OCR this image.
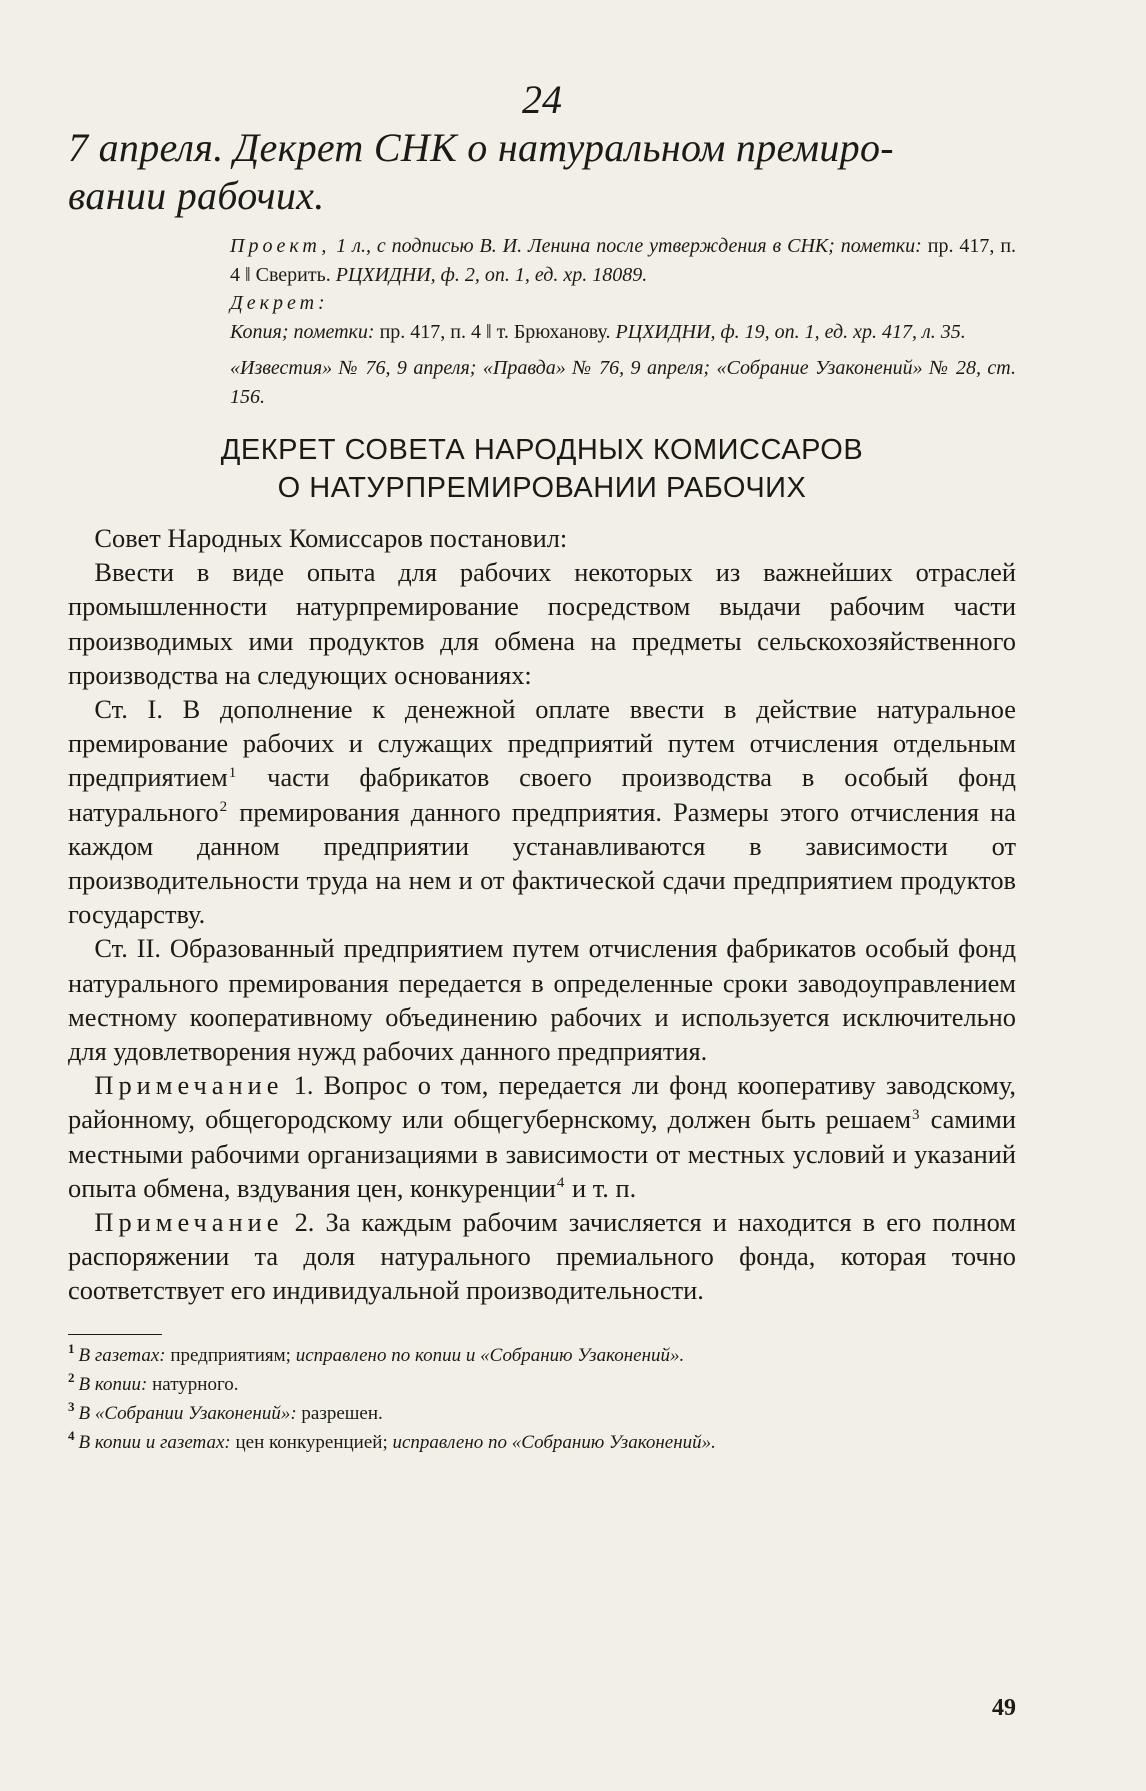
24
7 апреля. Декрет СНК о натуральном премиро-
вании рабочих.

Проект, 1 л., с подписью В. И. Ленина после утверждения в СНК; пометки: пр. 417, п. 4 ‖ Сверить. РЦХИДНИ, ф. 2, оп. 1, ед. хр. 18089.

Декрет:

Копия; пометки: пр. 417, п. 4 ‖ т. Брюханову. РЦХИДНИ, ф. 19, оп. 1, ед. хр. 417, л. 35.

«Известия» № 76, 9 апреля; «Правда» № 76, 9 апреля; «Собрание Узаконений» № 28, ст. 156.

ДЕКРЕТ СОВЕТА НАРОДНЫХ КОМИССАРОВ
О НАТУРПРЕМИРОВАНИИ РАБОЧИХ

 Совет Народных Комиссаров постановил:

 Ввести в виде опыта для рабочих некоторых из важнейших отраслей промышленности натурпремирование посредством выдачи рабочим части производимых ими продуктов для обмена на предметы сельскохозяйственного производства на следующих основаниях:

 Ст. I. В дополнение к денежной оплате ввести в действие натуральное премирование рабочих и служащих предприятий путем отчисления отдельным предприятием$^1$ части фабрикатов своего производства в особый фонд натурального$^2$ премирования данного предприятия. Размеры этого отчисления на каждом данном предприятии устанавливаются в зависимости от производительности труда на нем и от фактической сдачи предприятием продуктов государству.

 Ст. II. Образованный предприятием путем отчисления фабрикатов особый фонд натурального премирования передается в определенные сроки заводоуправлением местному кооперативному объединению рабочих и используется исключительно для удовлетворения нужд рабочих данного предприятия.

 Примечание 1. Вопрос о том, передается ли фонд кооперативу заводскому, районному, общегородскому или общегубернскому, должен быть решаем$^3$ самими местными рабочими организациями в зависимости от местных условий и указаний опыта обмена, вздувания цен, конкуренции$^4$ и т. п.

 Примечание 2. За каждым рабочим зачисляется и находится в его полном распоряжении та доля натурального премиального фонда, которая точно соответствует его индивидуальной производительности.

$^1$ В газетах: предприятиям; исправлено по копии и «Собранию Узаконений».

$^2$ В копии: натурного.

$^3$ В «Собрании Узаконений»: разрешен.

$^4$ В копии и газетах: цен конкуренцией; исправлено по «Собранию Узаконений».

49
